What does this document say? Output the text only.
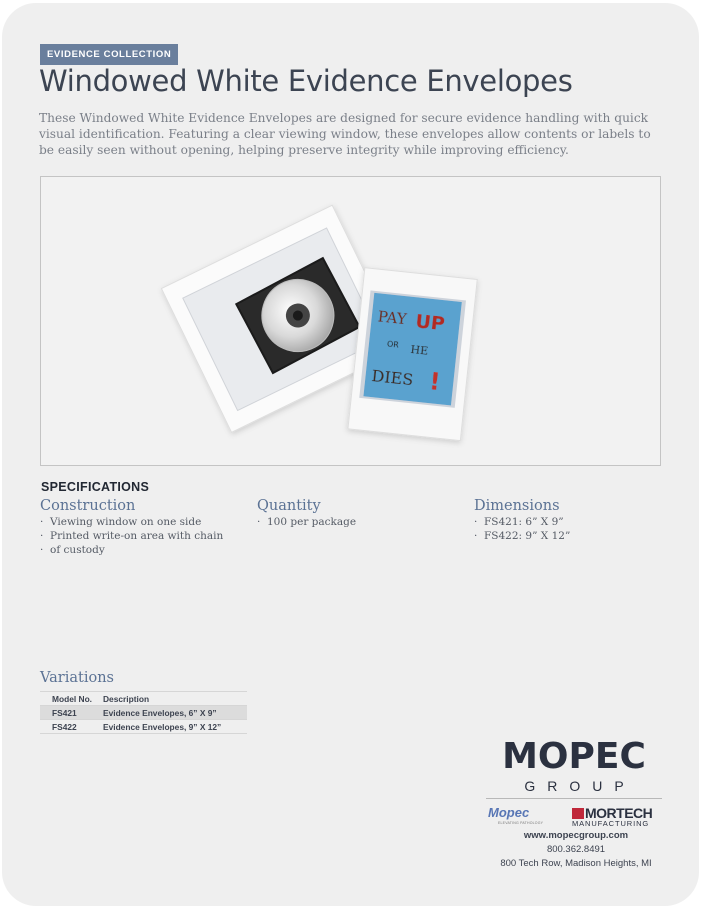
EVIDENCE COLLECTION
Windowed White Evidence Envelopes

These Windowed White Evidence Envelopes are designed for secure evidence handling with quick visual identification. Featuring a clear viewing window, these envelopes allow contents or labels to be easily seen without opening, helping preserve integrity while improving efficiency.

PAY UP
OR HE
DIES !
SPECIFICATIONS
Construction
· Viewing window on one side
· Printed write-on area with chain
· of custody
Quantity
· 100 per package
Dimensions
· FS421: 6” X 9”
· FS422: 9” X 12”
Variations
Model No.	Description
FS421	Evidence Envelopes, 6” X 9”
FS422	Evidence Envelopes, 9” X 12”
MOPEC
GROUP
Mopec
ELEVATING PATHOLOGY
MORTECH
MANUFACTURING
www.mopecgroup.com
800.362.8491
800 Tech Row, Madison Heights, MI
